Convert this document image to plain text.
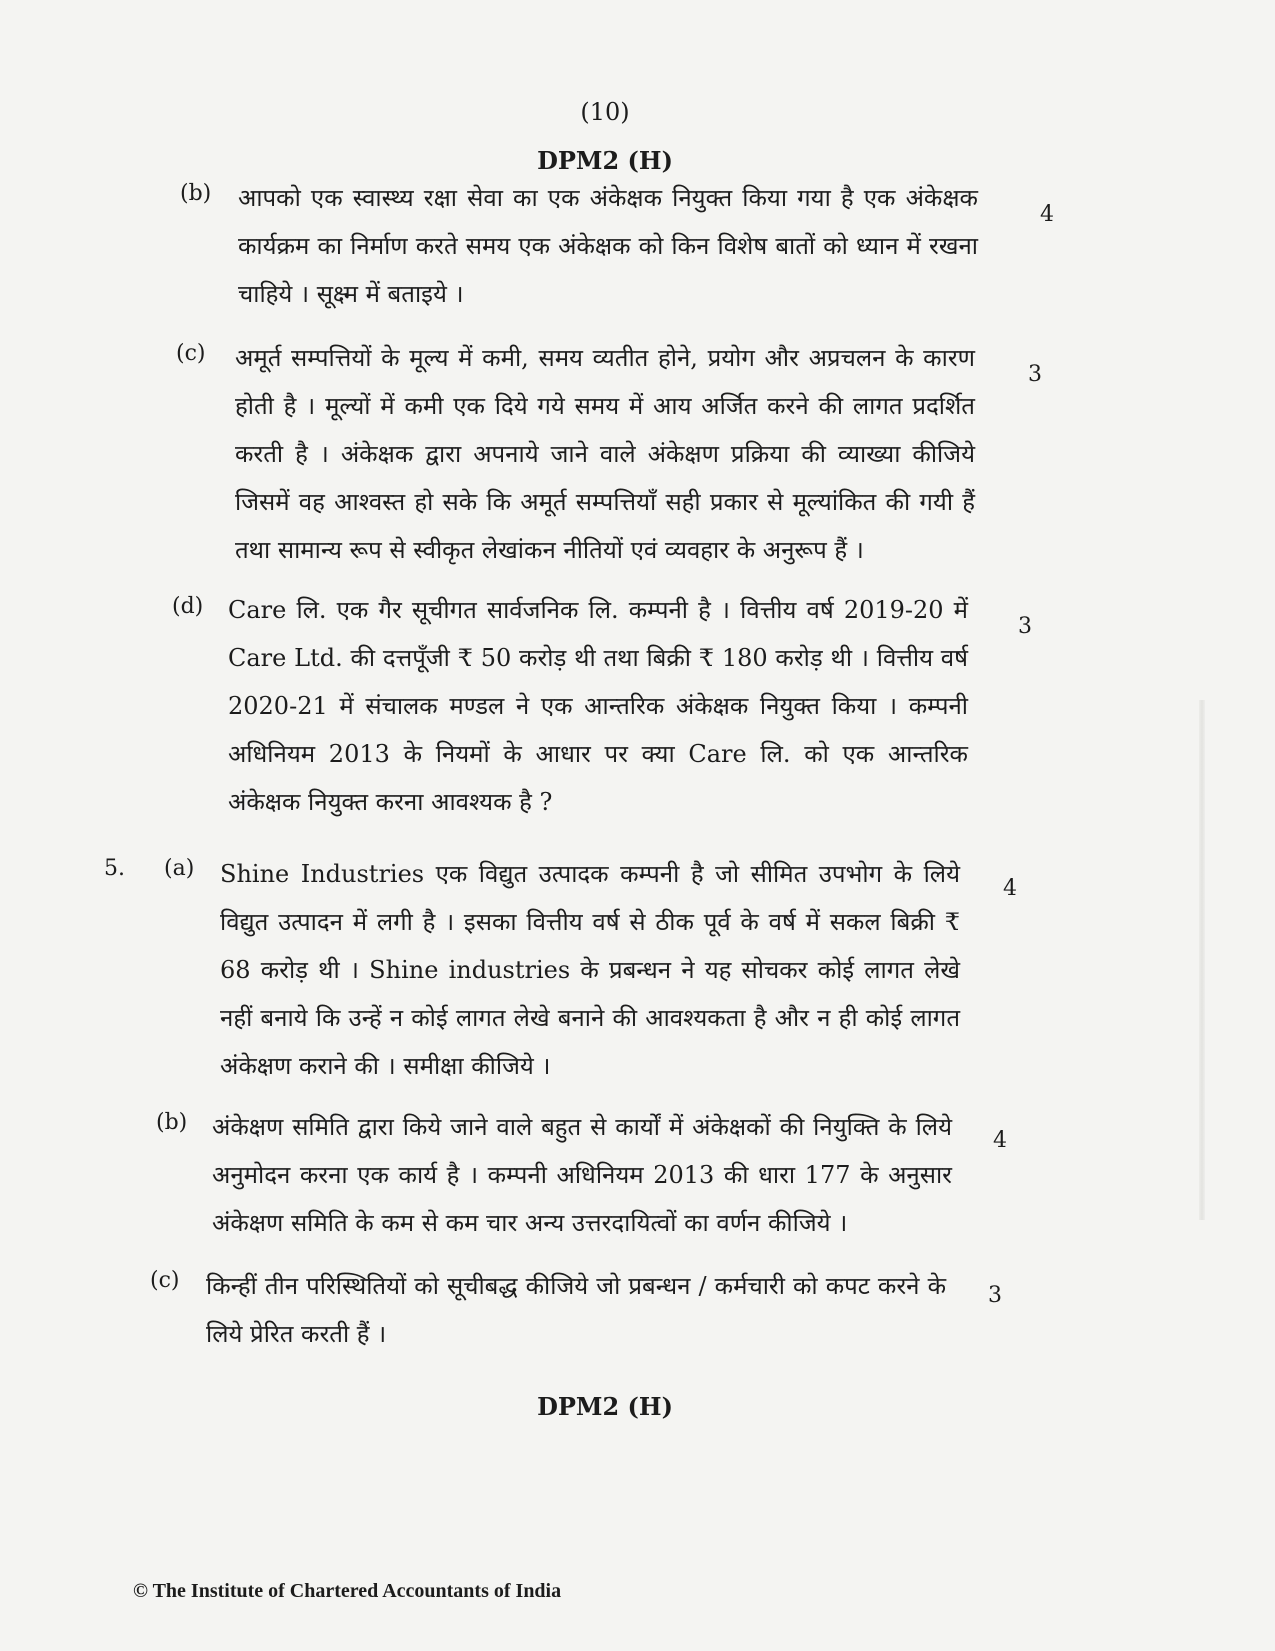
(10)
DPM2 (H)
(b) आपको एक स्वास्थ्य रक्षा सेवा का एक अंकेक्षक नियुक्त किया गया है एक अंकेक्षक कार्यक्रम का निर्माण करते समय एक अंकेक्षक को किन विशेष बातों को ध्यान में रखना चाहिये । सूक्ष्म में बताइये ।
4
(c) अमूर्त सम्पत्तियों के मूल्य में कमी, समय व्यतीत होने, प्रयोग और अप्रचलन के कारण होती है । मूल्यों में कमी एक दिये गये समय में आय अर्जित करने की लागत प्रदर्शित करती है । अंकेक्षक द्वारा अपनाये जाने वाले अंकेक्षण प्रक्रिया की व्याख्या कीजिये जिसमें वह आश्वस्त हो सके कि अमूर्त सम्पत्तियाँ सही प्रकार से मूल्यांकित की गयी हैं तथा सामान्य रूप से स्वीकृत लेखांकन नीतियों एवं व्यवहार के अनुरूप हैं ।
3
(d) Care लि. एक गैर सूचीगत सार्वजनिक लि. कम्पनी है । वित्तीय वर्ष 2019-20 में Care Ltd. की दत्तपूँजी ₹ 50 करोड़ थी तथा बिक्री ₹ 180 करोड़ थी । वित्तीय वर्ष 2020-21 में संचालक मण्डल ने एक आन्तरिक अंकेक्षक नियुक्त किया । कम्पनी अधिनियम 2013 के नियमों के आधार पर क्या Care लि. को एक आन्तरिक अंकेक्षक नियुक्त करना आवश्यक है ?
3
5. (a) Shine Industries एक विद्युत उत्पादक कम्पनी है जो सीमित उपभोग के लिये विद्युत उत्पादन में लगी है । इसका वित्तीय वर्ष से ठीक पूर्व के वर्ष में सकल बिक्री ₹ 68 करोड़ थी । Shine industries के प्रबन्धन ने यह सोचकर कोई लागत लेखे नहीं बनाये कि उन्हें न कोई लागत लेखे बनाने की आवश्यकता है और न ही कोई लागत अंकेक्षण कराने की । समीक्षा कीजिये ।
4
(b) अंकेक्षण समिति द्वारा किये जाने वाले बहुत से कार्यों में अंकेक्षकों की नियुक्ति के लिये अनुमोदन करना एक कार्य है । कम्पनी अधिनियम 2013 की धारा 177 के अनुसार अंकेक्षण समिति के कम से कम चार अन्य उत्तरदायित्वों का वर्णन कीजिये ।
4
(c) किन्हीं तीन परिस्थितियों को सूचीबद्ध कीजिये जो प्रबन्धन / कर्मचारी को कपट करने के लिये प्रेरित करती हैं ।
3
DPM2 (H)
© The Institute of Chartered Accountants of India
